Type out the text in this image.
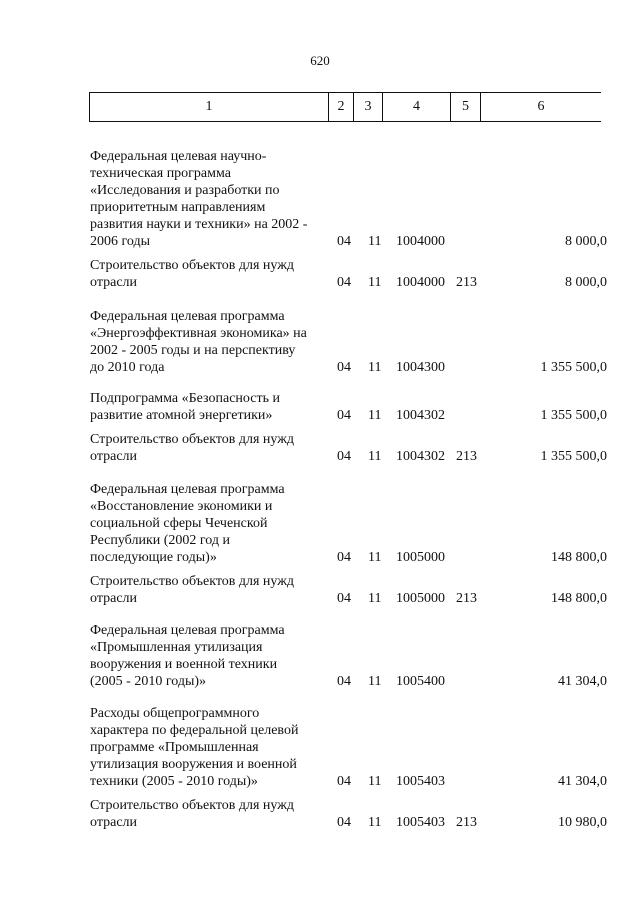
620
1	2	3	4	5	6
Федеральная целевая научно-
техническая программа
«Исследования и разработки по
приоритетным направлениям
развития науки и техники» на 2002 -
2006 годы	04 11 1004000	8 000,0
Строительство объектов для нужд
отрасли	04 11 1004000 213	8 000,0
Федеральная целевая программа
«Энергоэффективная экономика» на
2002 - 2005 годы и на перспективу
до 2010 года	04 11 1004300	1 355 500,0
Подпрограмма «Безопасность и
развитие атомной энергетики»	04 11 1004302	1 355 500,0
Строительство объектов для нужд
отрасли	04 11 1004302 213	1 355 500,0
Федеральная целевая программа
«Восстановление экономики и
социальной сферы Чеченской
Республики (2002 год и
последующие годы)»	04 11 1005000	148 800,0
Строительство объектов для нужд
отрасли	04 11 1005000 213	148 800,0
Федеральная целевая программа
«Промышленная утилизация
вооружения и военной техники
(2005 - 2010 годы)»	04 11 1005400	41 304,0
Расходы общепрограммного
характера по федеральной целевой
программе «Промышленная
утилизация вооружения и военной
техники (2005 - 2010 годы)»	04 11 1005403	41 304,0
Строительство объектов для нужд
отрасли	04 11 1005403 213	10 980,0
